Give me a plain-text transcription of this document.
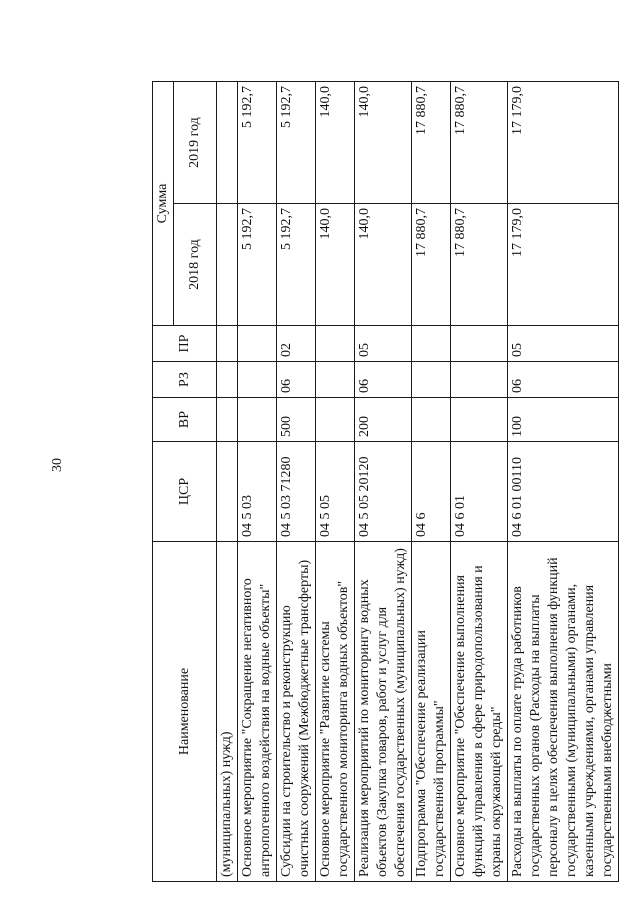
30
Наименование	ЦСР	ВР	РЗ	ПР	Сумма	
					2018 год	2019 год
(муниципальных) нужд)						
Основное мероприятие "Сокращение негативного антропогенного воздействия на водные объекты"	04 5 03				5 192,7	5 192,7
Субсидии на строительство и реконструкцию очистных сооружений (Межбюджетные трансферты)	04 5 03 71280	500	06	02	5 192,7	5 192,7
Основное мероприятие "Развитие системы государственного мониторинга водных объектов"	04 5 05				140,0	140,0
Реализация мероприятий по мониторингу водных объектов (Закупка товаров, работ и услуг для обеспечения государственных (муниципальных) нужд)	04 5 05 20120	200	06	05	140,0	140,0
Подпрограмма "Обеспечение реализации государственной программы"	04 6				17 880,7	17 880,7
Основное мероприятие "Обеспечение выполнения функций управления в сфере природопользования и охраны окружающей среды"	04 6 01				17 880,7	17 880,7
Расходы на выплаты по оплате труда работников государственных органов (Расходы на выплаты персоналу в целях обеспечения выполнения функций государственными (муниципальными) органами, казенными учреждениями, органами управления государственными внебюджетными	04 6 01 00110	100	06	05	17 179,0	17 179,0
